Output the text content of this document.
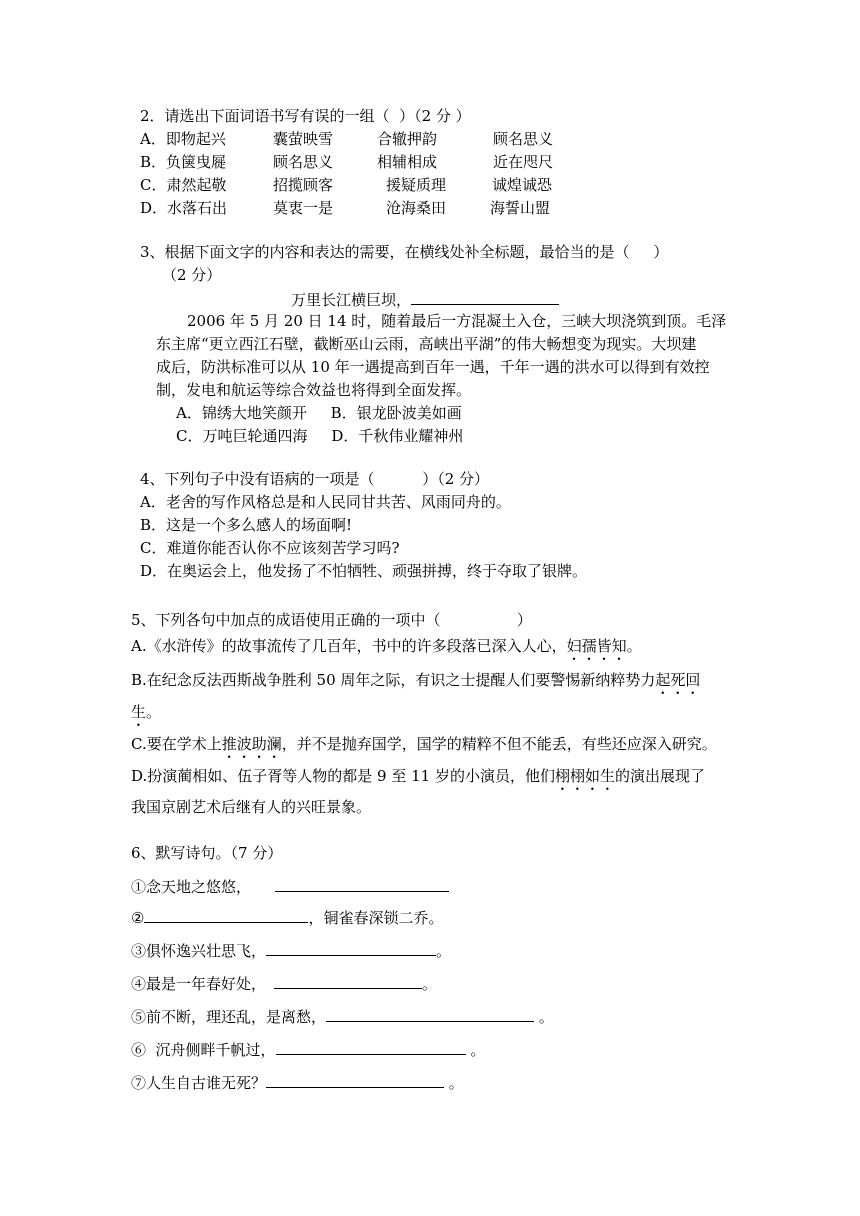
2．请选出下面词语书写有误的一组（  ）（2 分 ）
A．即物起兴	囊萤映雪	合辙押韵	顾名思义
B．负箧曳屣	顾名思义	相辅相成	近在咫尺
C．肃然起敬	招揽顾客	援疑质理	诚煌诚恐
D．水落石出	莫衷一是	沧海桑田	海誓山盟
3、根据下面文字的内容和表达的需要，在横线处补全标题，最恰当的是（     ）
（2 分）
万里长江横巨坝，
2006 年 5 月 20 日 14 时，随着最后一方混凝土入仓，三峡大坝浇筑到顶。毛泽
东主席“更立西江石壁，截断巫山云雨，高峡出平湖”的伟大畅想变为现实。大坝建
成后，防洪标准可以从 10 年一遇提高到百年一遇，千年一遇的洪水可以得到有效控
制，发电和航运等综合效益也将得到全面发挥。
A．锦绣大地笑颜开     B．银龙卧波美如画
C．万吨巨轮通四海     D．千秋伟业耀神州
4、下列句子中没有语病的一项是（          ）（2 分）
A．老舍的写作风格总是和人民同甘共苦、风雨同舟的。
B．这是一个多么感人的场面啊!
C．难道你能否认你不应该刻苦学习吗?
D．在奥运会上，他发扬了不怕牺牲、顽强拼搏，终于夺取了银牌。
5、下列各句中加点的成语使用正确的一项中（                ）
A.《水浒传》的故事流传了几百年，书中的许多段落已深入人心，妇孺皆知。
B.在纪念反法西斯战争胜利 50 周年之际，有识之士提醒人们要警惕新纳粹势力起死回
生。
C.要在学术上推波助澜，并不是抛弃国学，国学的精粹不但不能丢，有些还应深入研究。
D.扮演蔺相如、伍子胥等人物的都是 9 至 11 岁的小演员，他们栩栩如生的演出展现了
我国京剧艺术后继有人的兴旺景象。
6、默写诗句。（7 分）
①念天地之悠悠，
②	，铜雀春深锁二乔。
③俱怀逸兴壮思飞，	。
④最是一年春好处，	。
⑤前不断，理还乱，是离愁，	。
⑥  沉舟侧畔千帆过，	。
⑦人生自古谁无死？	。
